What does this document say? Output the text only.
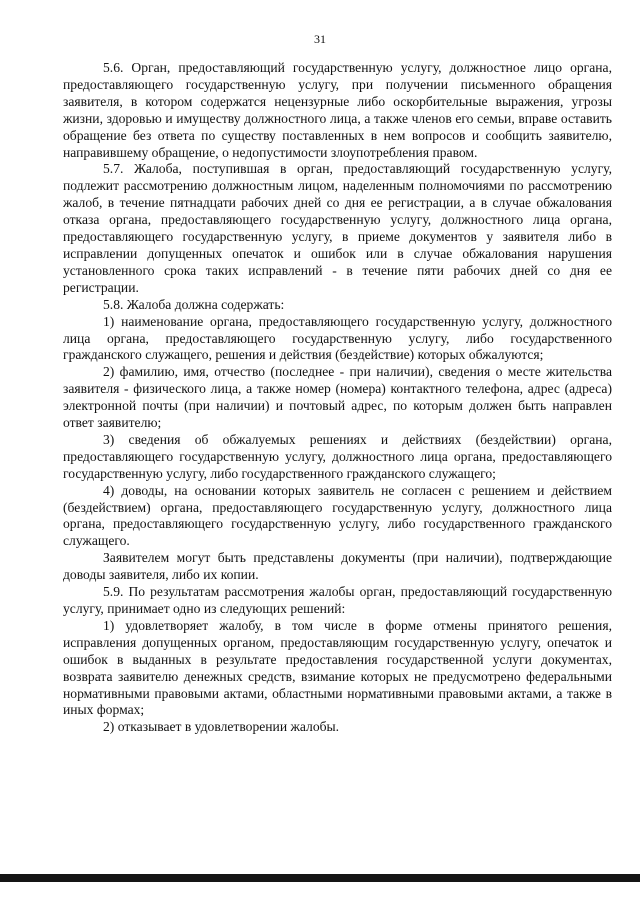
31

5.6. Орган, предоставляющий государственную услугу, должностное лицо органа, предоставляющего государственную услугу, при получении письменного обращения заявителя, в котором содержатся нецензурные либо оскорбительные выражения, угрозы жизни, здоровью и имуществу должностного лица, а также членов его семьи, вправе оставить обращение без ответа по существу поставленных в нем вопросов и сообщить заявителю, направившему обращение, о недопустимости злоупотребления правом.

5.7. Жалоба, поступившая в орган, предоставляющий государственную услугу, подлежит рассмотрению должностным лицом, наделенным полномочиями по рассмотрению жалоб, в течение пятнадцати рабочих дней со дня ее регистрации, а в случае обжалования отказа органа, предоставляющего государственную услугу, должностного лица органа, предоставляющего государственную услугу, в приеме документов у заявителя либо в исправлении допущенных опечаток и ошибок или в случае обжалования нарушения установленного срока таких исправлений - в течение пяти рабочих дней со дня ее регистрации.

5.8. Жалоба должна содержать:

1) наименование органа, предоставляющего государственную услугу, должностного лица органа, предоставляющего государственную услугу, либо государственного гражданского служащего, решения и действия (бездействие) которых обжалуются;

2) фамилию, имя, отчество (последнее - при наличии), сведения о месте жительства заявителя - физического лица, а также номер (номера) контактного телефона, адрес (адреса) электронной почты (при наличии) и почтовый адрес, по которым должен быть направлен ответ заявителю;

3) сведения об обжалуемых решениях и действиях (бездействии) органа, предоставляющего государственную услугу, должностного лица органа, предоставляющего государственную услугу, либо государственного гражданского служащего;

4) доводы, на основании которых заявитель не согласен с решением и действием (бездействием) органа, предоставляющего государственную услугу, должностного лица органа, предоставляющего государственную услугу, либо государственного гражданского служащего.

Заявителем могут быть представлены документы (при наличии), подтверждающие доводы заявителя, либо их копии.

5.9. По результатам рассмотрения жалобы орган, предоставляющий государственную услугу, принимает одно из следующих решений:

1) удовлетворяет жалобу, в том числе в форме отмены принятого решения, исправления допущенных органом, предоставляющим государственную услугу, опечаток и ошибок в выданных в результате предоставления государственной услуги документах, возврата заявителю денежных средств, взимание которых не предусмотрено федеральными нормативными правовыми актами, областными нормативными правовыми актами, а также в иных формах;

2) отказывает в удовлетворении жалобы.
